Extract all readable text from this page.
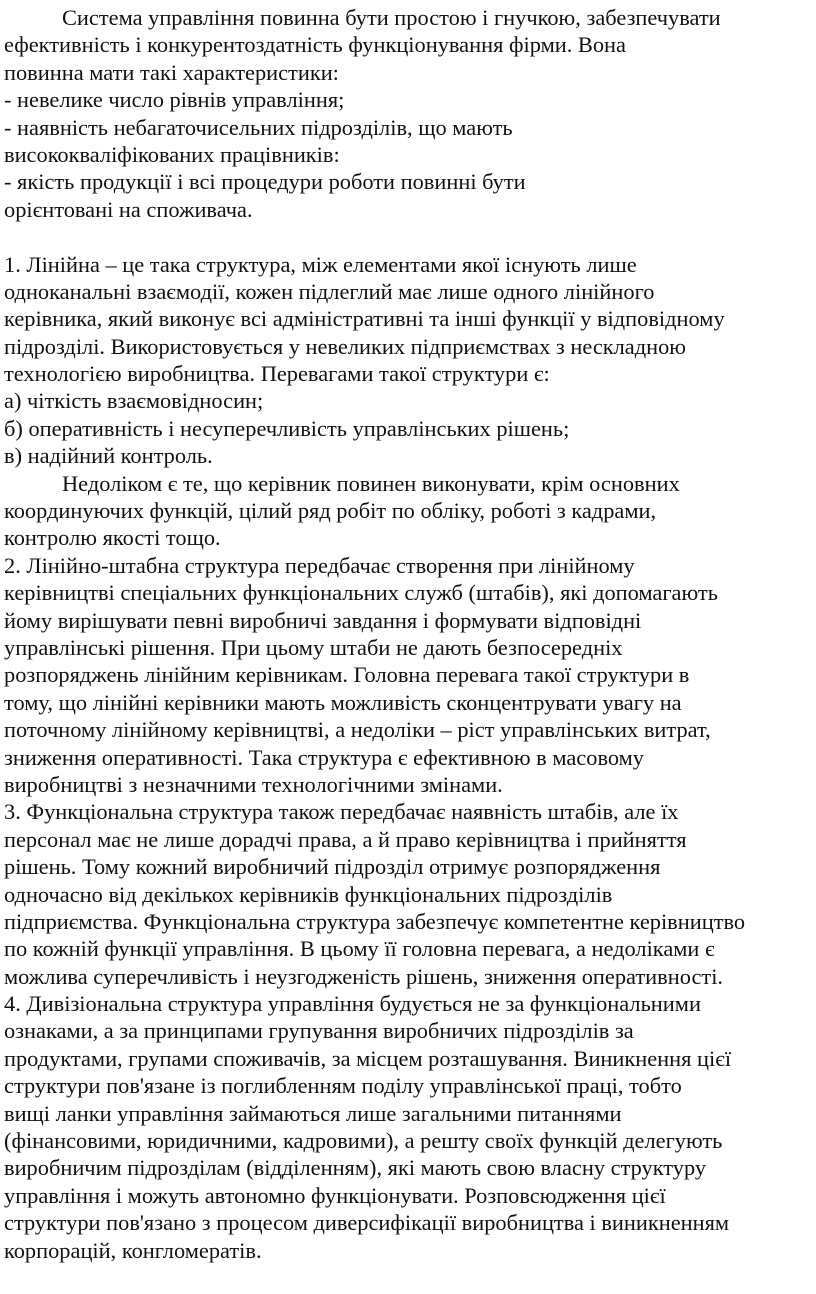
Система управління повинна бути простою і гнучкою, забезпечувати
ефективність і конкурентоздатність функціонування фірми. Вона
повинна мати такі характеристики:
- невелике число рівнів управління;
- наявність небагаточисельних підрозділів, що мають
висококваліфікованих працівників:
- якість продукції і всі процедури роботи повинні бути
орієнтовані на споживача.
1. Лінійна – це така структура, між елементами якої існують лише
одноканальні взаємодії, кожен підлеглий має лише одного лінійного
керівника, який виконує всі адміністративні та інші функції у відповідному
підрозділі. Використовується у невеликих підприємствах з нескладною
технологією виробництва. Перевагами такої структури є:
а) чіткість взаємовідносин;
б) оперативність і несуперечливість управлінських рішень;
в) надійний контроль.
Недоліком є те, що керівник повинен виконувати, крім основних
координуючих функцій, цілий ряд робіт по обліку, роботі з кадрами,
контролю якості тощо.
2. Лінійно-штабна структура передбачає створення при лінійному
керівництві спеціальних функціональних служб (штабів), які допомагають
йому вирішувати певні виробничі завдання і формувати відповідні
управлінські рішення. При цьому штаби не дають безпосередніх
розпоряджень лінійним керівникам. Головна перевага такої структури в
тому, що лінійні керівники мають можливість сконцентрувати увагу на
поточному лінійному керівництві, а недоліки – ріст управлінських витрат,
зниження оперативності. Така структура є ефективною в масовому
виробництві з незначними технологічними змінами.
3. Функціональна структура також передбачає наявність штабів, але їх
персонал має не лише дорадчі права, а й право керівництва і прийняття
рішень. Тому кожний виробничий підрозділ отримує розпорядження
одночасно від декількох керівників функціональних підрозділів
підприємства. Функціональна структура забезпечує компетентне керівництво
по кожній функції управління. В цьому її головна перевага, а недоліками є
можлива суперечливість і неузгодженість рішень, зниження оперативності.
4. Дивізіональна структура управління будується не за функціональними
ознаками, а за принципами групування виробничих підрозділів за
продуктами, групами споживачів, за місцем розташування. Виникнення цієї
структури пов'язане із поглибленням поділу управлінської праці, тобто
вищі ланки управління займаються лише загальними питаннями
(фінансовими, юридичними, кадровими), а решту своїх функцій делегують
виробничим підрозділам (відділенням), які мають свою власну структуру
управління і можуть автономно функціонувати. Розповсюдження цієї
структури пов'язано з процесом диверсифікації виробництва і виникненням
корпорацій, конгломератів.
